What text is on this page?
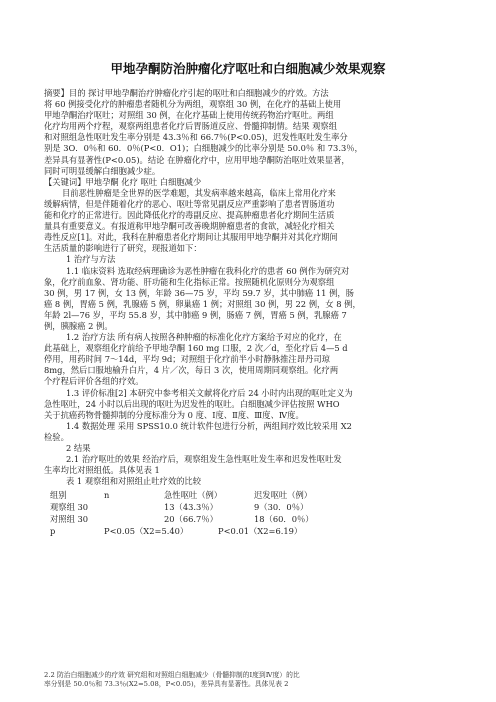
甲地孕酮防治肿瘤化疗呕吐和白细胞减少效果观察
摘要】目的 探讨甲地孕酮治疗肿瘤化疗引起的呕吐和白细胞减少的疗效。方法
将 60 例接受化疗的肿瘤患者随机分为两组，观察组 30 例，在化疗的基础上使用
甲地孕酮治疗呕吐；对照组 30 例，在化疗基础上使用传统药物治疗呕吐。两组
化疗均用两个疗程，观察两组患者化疗后胃肠道反应、骨髓抑制情。结果 观察组
和对照组急性呕吐发生率分别是 43.3％和 66.7％(P<0.05)，迟发性呕吐发生率分
别是 3O．0％和 60．0％(P<0．O1)；白细胞减少的比率分别是 50.0％ 和 73.3％，
差异具有显著性(P<0.05)。结论 在肿瘤化疗中，应用甲地孕酮防治呕吐效果显著，
同时可明显缓解白细胞减少症。
【关键词】甲地孕酮 化疗 呕吐 白细胞减少
目前恶性肿瘤是全世界的医学难题，其发病率越来越高，临床上常用化疗来
缓解病情，但是伴随着化疗的恶心、呕吐等常见副反应严重影响了患者胃肠道功
能和化疗的正常进行。因此降低化疗的毒副反应、提高肿瘤患者化疗期间生活质
量具有重要意义。有报道称甲地孕酮可改善晚期肿瘤患者的食欲，减轻化疗相关
毒性反应[1]。对此，我科在肿瘤患者化疗期间让其服用甲地孕酮并对其化疗期间
生活质量的影响进行了研究，现报道如下：
1 治疗与方法
1.1 临床资料 选取经病理确诊为恶性肿瘤在我科化疗的患者 60 例作为研究对
象，化疗前血象、肾功能、肝功能和生化指标正常。按照随机化原则分为观察组
30 例，男 17 例，女 13 例，年龄 36—75 岁，平均 59.7 岁，其中肺癌 11 例，肠
癌 8 例，胃癌 5 例，乳腺癌 5 例，卵巢癌 1 例；对照组 30 例，男 22 例，女 8 例，
年龄 2l—76 岁，平均 55.8 岁，其中肺癌 9 例，肠癌 7 例，胃癌 5 例，乳腺癌 7
例，胰腺癌 2 例。
1.2 治疗方法 所有病人按照各种肿瘤的标准化化疗方案给予对应的化疗，在
此基础上，观察组化疗前给予甲地孕酮 160 mg 口服，2 次／d，至化疗后 4—5 d
停用，用药时间 7～14d，平均 9d；对照组于化疗前半小时静脉推注昂丹司琼
8mg，然后口服地榆升白片，4 片／次，每日 3 次，使用周期同观察组。化疗两
个疗程后评价各组的疗效。
1.3 评价标准[2] 本研究中参考相关文献将化疗后 24 小时内出现的呕吐定义为
急性呕吐，24 小时以后出现的呕吐为迟发性的呕吐。白细胞减少评估按照 WHO
关于抗癌药物骨髓抑制的分度标准分为 0 度、Ⅰ度、Ⅱ度、Ⅲ度、Ⅳ度。
1.4 数据处理 采用 SPSS10.0 统计软件包进行分析，两组间疗效比较采用 X2
检验。
2 结果
2.1 治疗呕吐的效果 经治疗后，观察组发生急性呕吐发生率和迟发性呕吐发
生率均比对照组低。具体见表 1
表 1 观察组和对照组止吐疗效的比较
组别	n	急性呕吐（例）	迟发呕吐（例）
观察组 30	13（43.3％）	9（30．0％）
对照组 30	20（66.7％）	18（60．0％）
p	P<0.05（X2=5.40）	P<0.01（X2=6.19）
2.2 防治白细胞减少的疗效 研究组和对照组白细胞减少（骨髓抑制的Ⅰ度到Ⅳ度）的比
率分别是 50.0％和 73.3％(X2=5.08，P<0.05)，差异具有显著性。具体见表 2
